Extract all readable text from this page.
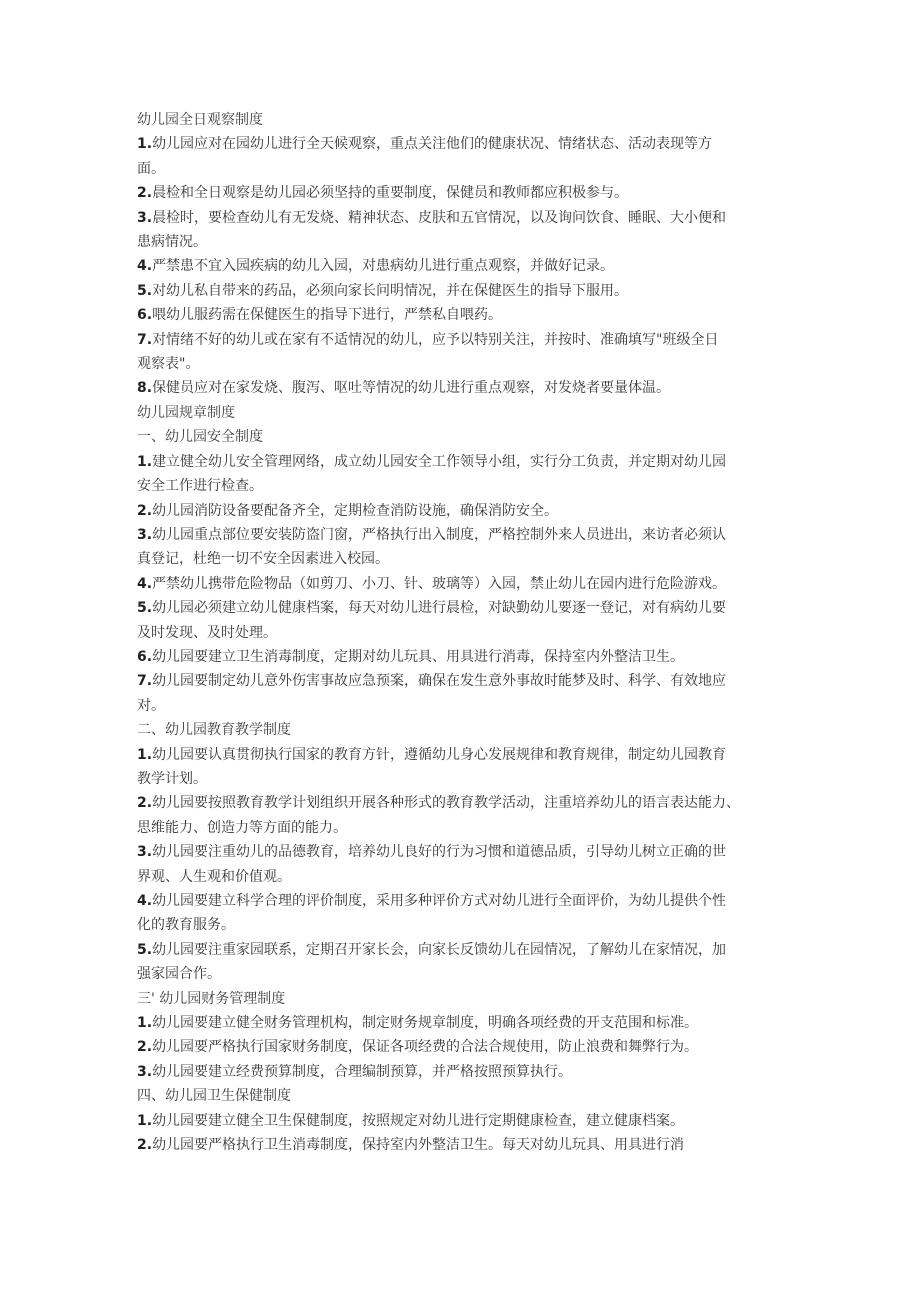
幼儿园全日观察制度

1.幼儿园应对在园幼儿进行全天候观察，重点关注他们的健康状况、情绪状态、活动表现等方

面。

2.晨检和全日观察是幼儿园必须坚持的重要制度，保健员和教师都应积极参与。

3.晨检时，要检查幼儿有无发烧、精神状态、皮肤和五官情况，以及询问饮食、睡眠、大小便和

患病情况。

4.严禁患不宜入园疾病的幼儿入园，对患病幼儿进行重点观察，并做好记录。

5.对幼儿私自带来的药品，必须向家长问明情况，并在保健医生的指导下服用。

6.喂幼儿服药需在保健医生的指导下进行，严禁私自喂药。

7.对情绪不好的幼儿或在家有不适情况的幼儿，应予以特别关注，并按时、准确填写"班级全日

观察表"。

8.保健员应对在家发烧、腹泻、呕吐等情况的幼儿进行重点观察，对发烧者要量体温。

幼儿园规章制度

一、幼儿园安全制度

1.建立健全幼儿安全管理网络，成立幼儿园安全工作领导小组，实行分工负责，并定期对幼儿园

安全工作进行检查。

2.幼儿园消防设备要配备齐全，定期检查消防设施，确保消防安全。

3.幼儿园重点部位要安装防盗门窗，严格执行出入制度，严格控制外来人员进出，来访者必须认

真登记，杜绝一切不安全因素进入校园。

4.严禁幼儿携带危险物品（如剪刀、小刀、针、玻璃等）入园，禁止幼儿在园内进行危险游戏。

5.幼儿园必须建立幼儿健康档案，每天对幼儿进行晨检，对缺勤幼儿要逐一登记，对有病幼儿要

及时发现、及时处理。

6.幼儿园要建立卫生消毒制度，定期对幼儿玩具、用具进行消毒，保持室内外整洁卫生。

7.幼儿园要制定幼儿意外伤害事故应急预案，确保在发生意外事故时能梦及时、科学、有效地应

对。

二、幼儿园教育教学制度

1.幼儿园要认真贯彻执行国家的教育方针，遵循幼儿身心发展规律和教育规律，制定幼儿园教育

教学计划。

2.幼儿园要按照教育教学计划组织开展各种形式的教育教学活动，注重培养幼儿的语言表达能力、

思维能力、创造力等方面的能力。

3.幼儿园要注重幼儿的品德教育，培养幼儿良好的行为习惯和道德品质，引导幼儿树立正确的世

界观、人生观和价值观。

4.幼儿园要建立科学合理的评价制度，采用多种评价方式对幼儿进行全面评价，为幼儿提供个性

化的教育服务。

5.幼儿园要注重家园联系，定期召开家长会，向家长反馈幼儿在园情况，了解幼儿在家情况，加

强家园合作。

三' 幼儿园财务管理制度

1.幼儿园要建立健全财务管理机构，制定财务规章制度，明确各项经费的开支范围和标准。

2.幼儿园要严格执行国家财务制度，保证各项经费的合法合规使用，防止浪费和舞弊行为。

3.幼儿园要建立经费预算制度，合理编制预算，并严格按照预算执行。

四、幼儿园卫生保健制度

1.幼儿园要建立健全卫生保健制度，按照规定对幼儿进行定期健康检查，建立健康档案。

2.幼儿园要严格执行卫生消毒制度，保持室内外整洁卫生。每天对幼儿玩具、用具进行消
